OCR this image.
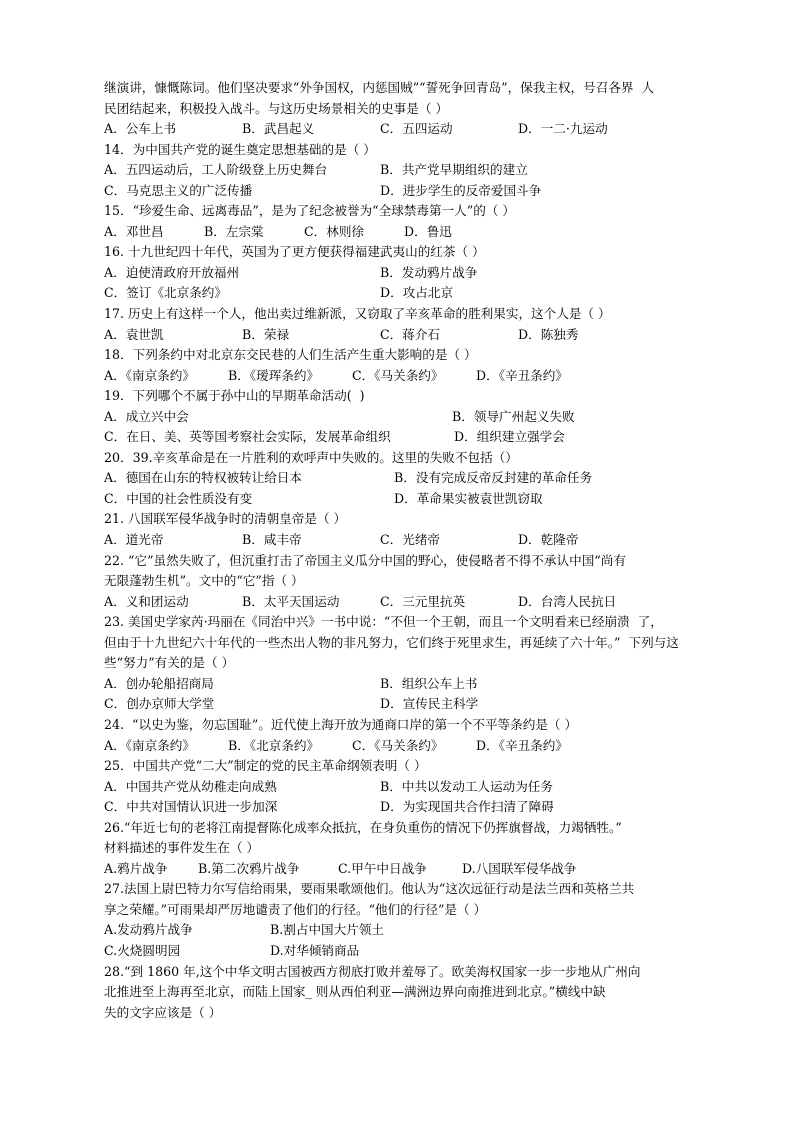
继演讲，慷慨陈词。他们坚决要求“外争国权，内惩国贼”“誓死争回青岛”，保我主权，号召各界  人
民团结起来，积极投入战斗。与这历史场景相关的史事是（ ）
A．公车上书	B．武昌起义	C．五四运动	D．一二·九运动
14．为中国共产党的诞生奠定思想基础的是（ ）
A．五四运动后，工人阶级登上历史舞台	B．共产党早期组织的建立
C．马克思主义的广泛传播	D．进步学生的反帝爱国斗争
15．“珍爱生命、远离毒品”，是为了纪念被誉为“全球禁毒第一人”的（ ）
A．邓世昌	B．左宗棠	C．林则徐	D．鲁迅
16. 十九世纪四十年代，英国为了更方便获得福建武夷山的红茶（ ）
A．迫使清政府开放福州	B．发动鸦片战争
C．签订《北京条约》	D．攻占北京
17. 历史上有这样一个人，他出卖过维新派，又窃取了辛亥革命的胜利果实，这个人是（ ）
A．袁世凯	B．荣禄	C．蒋介石	D．陈独秀
18．下列条约中对北京东交民巷的人们生活产生重大影响的是（ ）
A．《南京条约》	B．《瑷珲条约》	C．《马关条约》	D．《辛丑条约》
19．下列哪个不属于孙中山的早期革命活动(  )
A．成立兴中会	B．领导广州起义失败
C．在日、美、英等国考察社会实际，发展革命组织	D．组织建立强学会
20．39.辛亥革命是在一片胜利的欢呼声中失败的。这里的失败不包括（）
A．德国在山东的特权被转让给日本	B．没有完成反帝反封建的革命任务
C．中国的社会性质没有变	D．革命果实被袁世凯窃取
21. 八国联军侵华战争时的清朝皇帝是（ ）
A．道光帝	B．咸丰帝	C．光绪帝	D．乾隆帝
22. “它”虽然失败了，但沉重打击了帝国主义瓜分中国的野心，使侵略者不得不承认中国“尚有
无限蓬勃生机”。文中的“它”指（ ）
A．义和团运动	B．太平天国运动	C．三元里抗英	D．台湾人民抗日
23. 美国史学家芮·玛丽在《同治中兴》一书中说：“不但一个王朝，而且一个文明看来已经崩溃  了，
但由于十九世纪六十年代的一些杰出人物的非凡努力，它们终于死里求生，再延续了六十年。”  下列与这
些“努力”有关的是（ ）
A．创办轮船招商局	B．组织公车上书
C．创办京师大学堂	D．宣传民主科学
24.  “以史为鉴，勿忘国耻”。近代使上海开放为通商口岸的第一个不平等条约是（ ）
A．《南京条约》	B．《北京条约》	C．《马关条约》	D．《辛丑条约》
25．中国共产党“二大”制定的党的民主革命纲领表明（ ）
A．中国共产党从幼稚走向成熟	B．中共以发动工人运动为任务
C．中共对国情认识进一步加深	D．为实现国共合作扫清了障碍
26.“年近七旬的老将江南提督陈化成率众抵抗，在身负重伤的情况下仍挥旗督战，力竭牺牲。”
材料描述的事件发生在（ ）
A.鸦片战争	B.第二次鸦片战争	C.甲午中日战争	D.八国联军侵华战争
27.法国上尉巴特力尔写信给雨果，要雨果歌颂他们。他认为“这次远征行动是法兰西和英格兰共
享之荣耀。”可雨果却严厉地谴责了他们的行径。“他们的行径”是（ ）
A.发动鸦片战争	B.割占中国大片领土
C.火烧圆明园	D.对华倾销商品
28.“到 1860 年,这个中华文明古国被西方彻底打败并羞辱了。欧美海权国家一步一步地从广州向
北推进至上海再至北京，而陆上国家_ 则从西伯利亚—满洲边界向南推进到北京。”横线中缺
失的文字应该是（ ）
